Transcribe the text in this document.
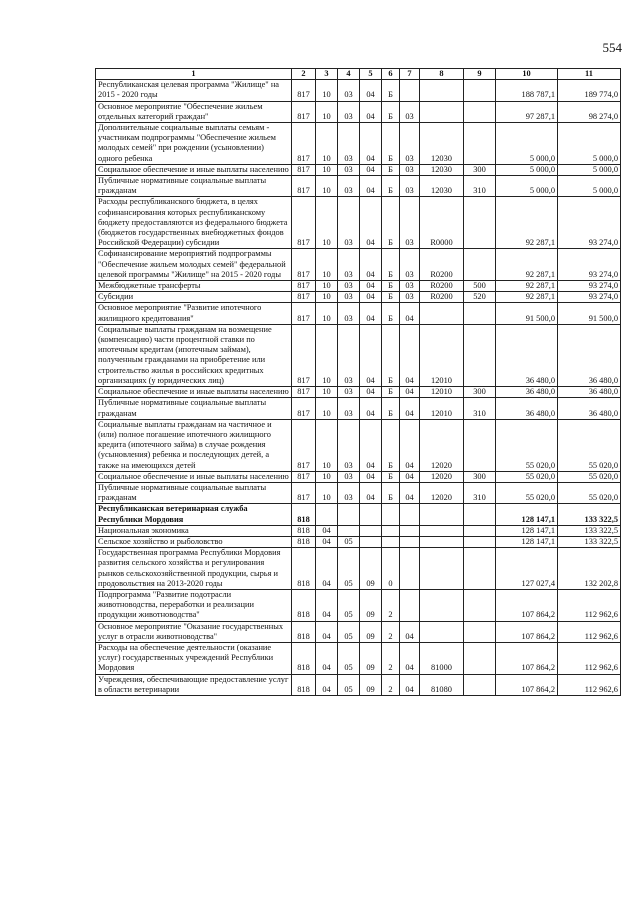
554
1	2	3	4	5	6	7	8	9	10	11
Республиканская целевая программа "Жилище" на 2015 - 2020 годы	817	10	03	04	Б				188 787,1	189 774,0
Основное мероприятие "Обеспечение жильем отдельных категорий граждан"	817	10	03	04	Б	03			97 287,1	98 274,0
Дополнительные социальные выплаты семьям - участникам подпрограммы "Обеспечение жильем молодых семей" при рождении (усыновлении) одного ребенка	817	10	03	04	Б	03	12030		5 000,0	5 000,0
Социальное обеспечение и иные выплаты населению	817	10	03	04	Б	03	12030	300	5 000,0	5 000,0
Публичные нормативные социальные выплаты гражданам	817	10	03	04	Б	03	12030	310	5 000,0	5 000,0
Расходы республиканского бюджета, в целях софинансирования которых республиканскому бюджету предоставляются из федерального бюджета (бюджетов государственных внебюджетных фондов Российской Федерации) субсидии	817	10	03	04	Б	03	R0000		92 287,1	93 274,0
Софинансирование мероприятий подпрограммы "Обеспечение жильем молодых семей" федеральной целевой программы "Жилище" на 2015 - 2020 годы	817	10	03	04	Б	03	R0200		92 287,1	93 274,0
Межбюджетные трансферты	817	10	03	04	Б	03	R0200	500	92 287,1	93 274,0
Субсидии	817	10	03	04	Б	03	R0200	520	92 287,1	93 274,0
Основное мероприятие "Развитие ипотечного жилищного кредитования"	817	10	03	04	Б	04			91 500,0	91 500,0
Социальные выплаты гражданам на возмещение (компенсацию) части процентной ставки по ипотечным кредитам (ипотечным займам), полученным гражданами на приобретение или строительство жилья в российских кредитных организациях (у юридических лиц)	817	10	03	04	Б	04	12010		36 480,0	36 480,0
Социальное обеспечение и иные выплаты населению	817	10	03	04	Б	04	12010	300	36 480,0	36 480,0
Публичные нормативные социальные выплаты гражданам	817	10	03	04	Б	04	12010	310	36 480,0	36 480,0
Социальные выплаты гражданам на частичное и (или) полное погашение ипотечного жилищного кредита (ипотечного займа) в случае рождения (усыновления) ребенка и последующих детей, а также на имеющихся детей	817	10	03	04	Б	04	12020		55 020,0	55 020,0
Социальное обеспечение и иные выплаты населению	817	10	03	04	Б	04	12020	300	55 020,0	55 020,0
Публичные нормативные социальные выплаты гражданам	817	10	03	04	Б	04	12020	310	55 020,0	55 020,0
Республиканская ветеринарная служба Республики Мордовия	818								128 147,1	133 322,5
Национальная экономика	818	04							128 147,1	133 322,5
Сельское хозяйство и рыболовство	818	04	05						128 147,1	133 322,5
Государственная программа Республики Мордовия развития сельского хозяйства и регулирования рынков сельскохозяйственной продукции, сырья и продовольствия на 2013-2020 годы	818	04	05	09	0				127 027,4	132 202,8
Подпрограмма "Развитие подотрасли животноводства, переработки и реализации продукции животноводства"	818	04	05	09	2				107 864,2	112 962,6
Основное мероприятие "Оказание государственных услуг в отрасли животноводства"	818	04	05	09	2	04			107 864,2	112 962,6
Расходы на обеспечение деятельности (оказание услуг) государственных учреждений Республики Мордовия	818	04	05	09	2	04	81000		107 864,2	112 962,6
Учреждения, обеспечивающие предоставление услуг в области ветеринарии	818	04	05	09	2	04	81080		107 864,2	112 962,6
